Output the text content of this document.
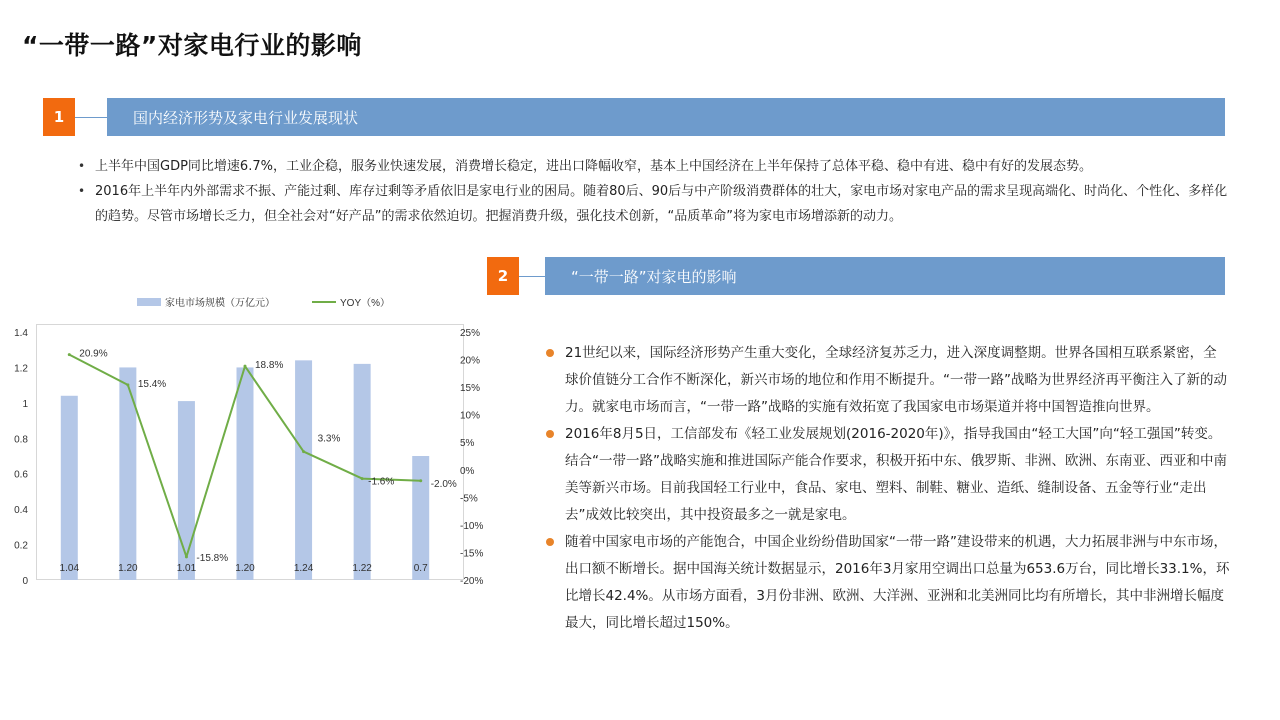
“一带一路”对家电行业的影响
1	国内经济形势及家电行业发展现状
• 上半年中国GDP同比增速6.7%，工业企稳，服务业快速发展，消费增长稳定，进出口降幅收窄，基本上中国经济在上半年保持了总体平稳、稳中有进、稳中有好的发展态势。
• 2016年上半年内外部需求不振、产能过剩、库存过剩等矛盾依旧是家电行业的困局。随着80后、90后与中产阶级消费群体的壮大，家电市场对家电产品的需求呈现高端化、时尚化、个性化、多样化的趋势。尽管市场增长乏力，但全社会对“好产品”的需求依然迫切。把握消费升级，强化技术创新，“品质革命”将为家电市场增添新的动力。
2	“一带一路”对家电的影响
0
0.2
0.4
0.6
0.8
1
1.2
1.4
-20%
-15%
-10%
-5%
0%
5%
10%
15%
20%
25%
1.04	1.20	1.01	1.20	1.24	1.22	0.7
20.9%
15.4%
-15.8%
18.8%
3.3%
-1.6%	-2.0%
家电市场规模（万亿元）	YOY（%）
21世纪以来，国际经济形势产生重大变化，全球经济复苏乏力，进入深度调整期。世界各国相互联系紧密，全球价值链分工合作不断深化，新兴市场的地位和作用不断提升。“一带一路”战略为世界经济再平衡注入了新的动力。就家电市场而言，“一带一路”战略的实施有效拓宽了我国家电市场渠道并将中国智造推向世界。
2016年8月5日，工信部发布《轻工业发展规划(2016-2020年)》，指导我国由“轻工大国”向“轻工强国”转变。结合“一带一路”战略实施和推进国际产能合作要求，积极开拓中东、俄罗斯、非洲、欧洲、东南亚、西亚和中南美等新兴市场。目前我国轻工行业中，食品、家电、塑料、制鞋、糖业、造纸、缝制设备、五金等行业“走出去”成效比较突出，其中投资最多之一就是家电。
随着中国家电市场的产能饱合，中国企业纷纷借助国家“一带一路”建设带来的机遇，大力拓展非洲与中东市场，出口额不断增长。据中国海关统计数据显示，2016年3月家用空调出口总量为653.6万台，同比增长33.1%，环比增长42.4%。从市场方面看，3月份非洲、欧洲、大洋洲、亚洲和北美洲同比均有所增长，其中非洲增长幅度最大，同比增长超过150%。
